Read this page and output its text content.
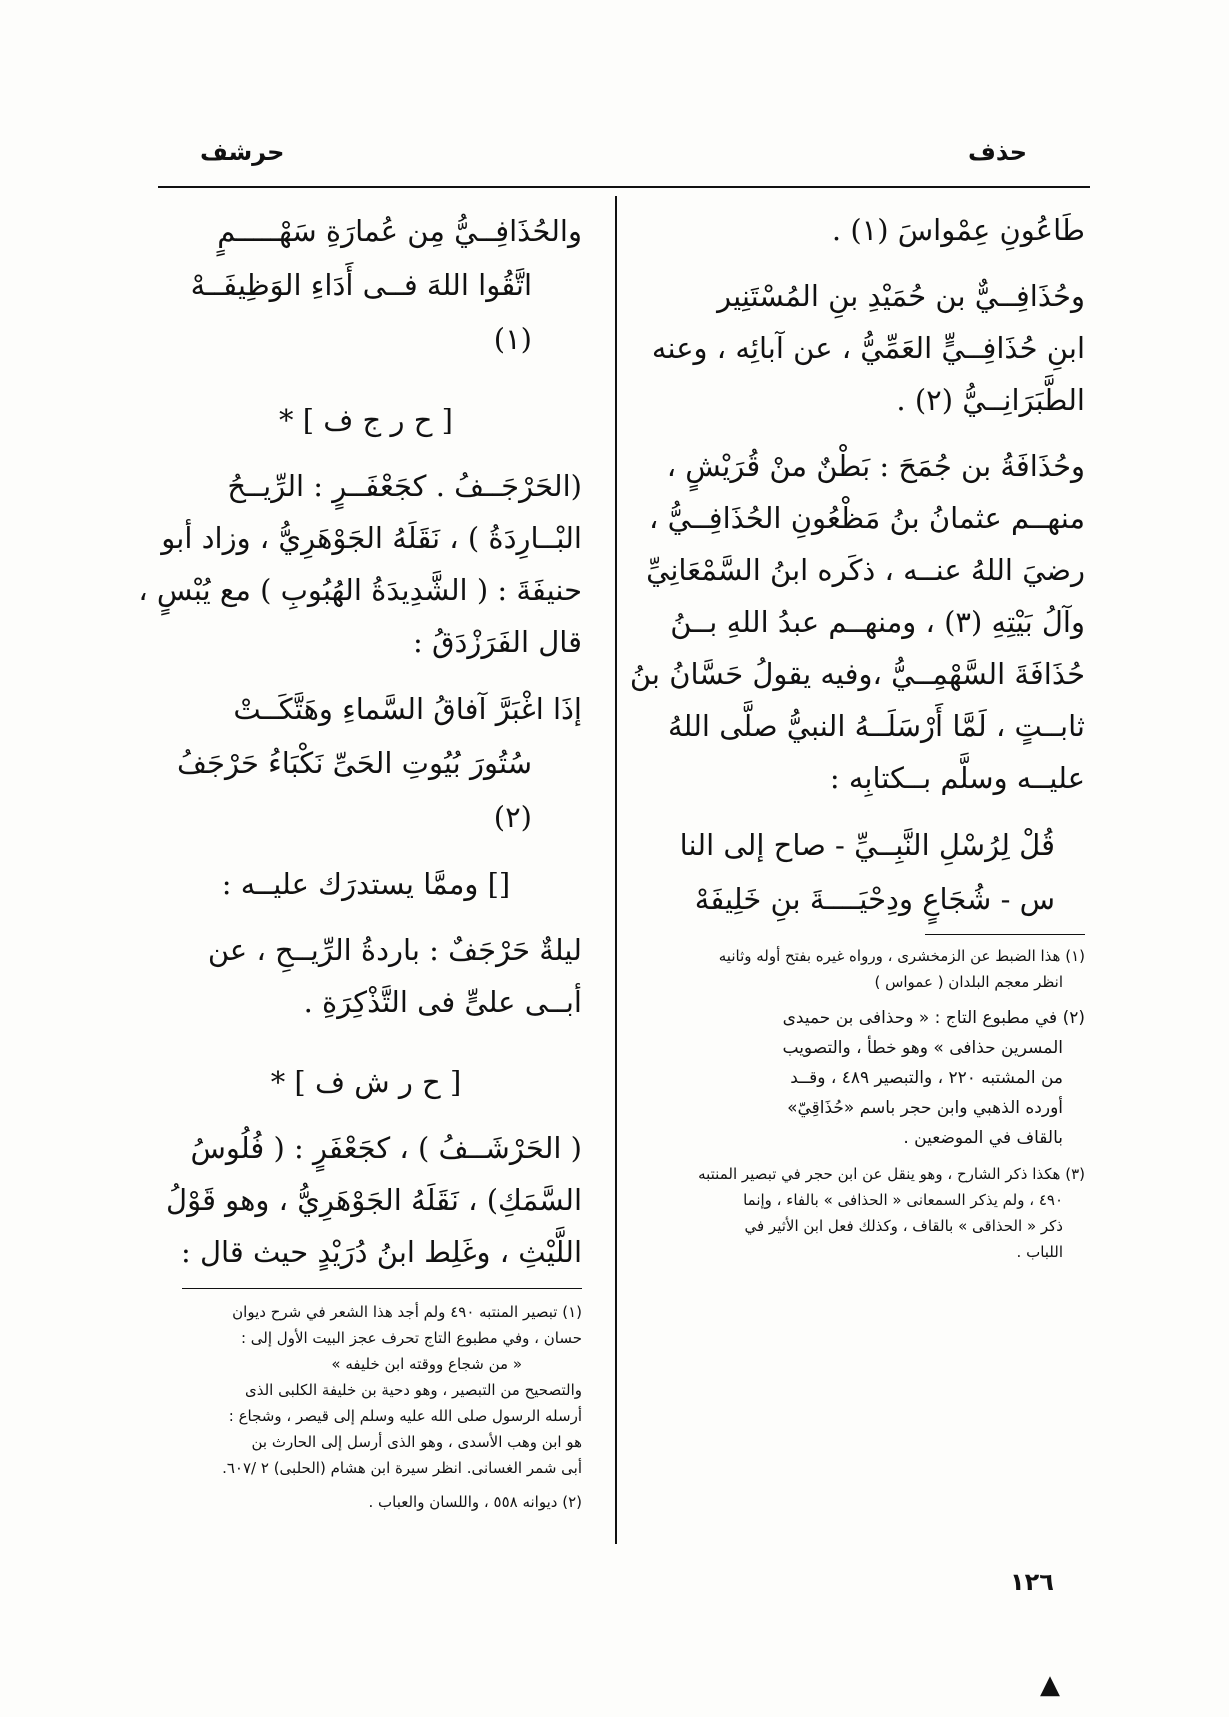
حذف
حرشف
طَاعُونِ عِمْواسَ (١) .
وحُذَافِــيٌّ بن حُمَيْدِ بنِ المُسْتَنِير
ابنِ حُذَافِــيٍّ العَمِّيُّ ، عن آبائِه ، وعنه
الطَّبَرَانِــيُّ (٢) .
وحُذَافَةُ بن جُمَحَ : بَطْنٌ منْ قُرَيْشٍ ،
منهــم عثمانُ بنُ مَظْعُونِ الحُذَافِــيُّ ،
رضيَ اللهُ عنــه ، ذكَره ابنُ السَّمْعَانِيِّ
وآلُ بَيْتِهِ (٣) ، ومنهــم عبدُ اللهِ بــنُ
حُذَافَةَ السَّهْمِــيُّ ،وفيه يقولُ حَسَّانُ بنُ
ثابــتٍ ، لَمَّا أَرْسَلَــهُ النبيُّ صلَّى اللهُ
عليــه وسلَّم بــكتابِه :
قُلْ لِرُسْلِ النَّبِــيِّ - صاح إلى النا
س - شُجَاعٍ ودِحْيَــــةَ بنِ خَلِيفَهْ
(١) هذا الضبط عن الزمخشرى ، ورواه غيره بفتح أوله وثانيه
انظر معجم البلدان ( عمواس )
(٢) في مطبوع التاج : « وحذافى بن حميدى
المسرين حذافى » وهو خطأ ، والتصويب
من المشتبه ٢٢٠ ، والتبصير ٤٨٩ ، وقــد
أورده الذهبي وابن حجر باسم «حُذَاقِيّ»
بالقاف في الموضعين .
(٣) هكذا ذكر الشارح ، وهو ينقل عن ابن حجر في تبصير المنتبه
٤٩٠ ، ولم يذكر السمعانى « الحذافى » بالفاء ، وإنما
ذكر « الحذاقى » بالقاف ، وكذلك فعل ابن الأثير في
اللباب .
والحُذَافِــيُّ مِن عُمارَةِ سَهْـــــمٍ
اتَّقُوا اللهَ فــى أَدَاءِ الوَظِيفَــهْ (١)
[ ح ر ج ف ] *
(الحَرْجَــفُ . كجَعْفَــرٍ : الرِّيــحُ
البْــارِدَةُ ) ، نَقَلَهُ الجَوْهَرِيُّ ، وزاد أبو
حنيفَةَ : ( الشَّدِيدَةُ الهُبُوبِ ) مع يُبْسٍ ،
قال الفَرَزْدَقُ :
إذَا اغْبَرَّ آفاقُ السَّماءِ وهَتَّكَــتْ
سُتُورَ بُيُوتِ الحَىِّ نَكْبَاءُ حَرْجَفُ (٢)
[] وممَّا يستدرَك عليــه :
ليلةٌ حَرْجَفٌ : باردةُ الرِّيــحِ ، عن
أبــى علىٍّ فى التَّذْكِرَةِ .
[ ح ر ش ف ] *
( الحَرْشَــفُ ) ، كجَعْفَرٍ : ( فُلُوسُ
السَّمَكِ) ، نَقَلَهُ الجَوْهَرِيُّ ، وهو قَوْلُ
اللَّيْثِ ، وغَلِط ابنُ دُرَيْدٍ حيث قال :
(١) تبصير المنتبه ٤٩٠ ولم أجد هذا الشعر في شرح ديوان
حسان ، وفي مطبوع التاج تحرف عجز البيت الأول إلى :
« من شجاع ووقته ابن خليفه »
والتصحيح من التبصير ، وهو دحية بن خليفة الكلبى الذى
أرسله الرسول صلى الله عليه وسلم إلى قيصر ، وشجاع :
هو ابن وهب الأسدى ، وهو الذى أرسل إلى الحارث بن
أبى شمر الغسانى. انظر سيرة ابن هشام (الحلبى) ٢ /٦٠٧.
(٢) ديوانه ٥٥٨ ، واللسان والعباب .
١٢٦
▲
